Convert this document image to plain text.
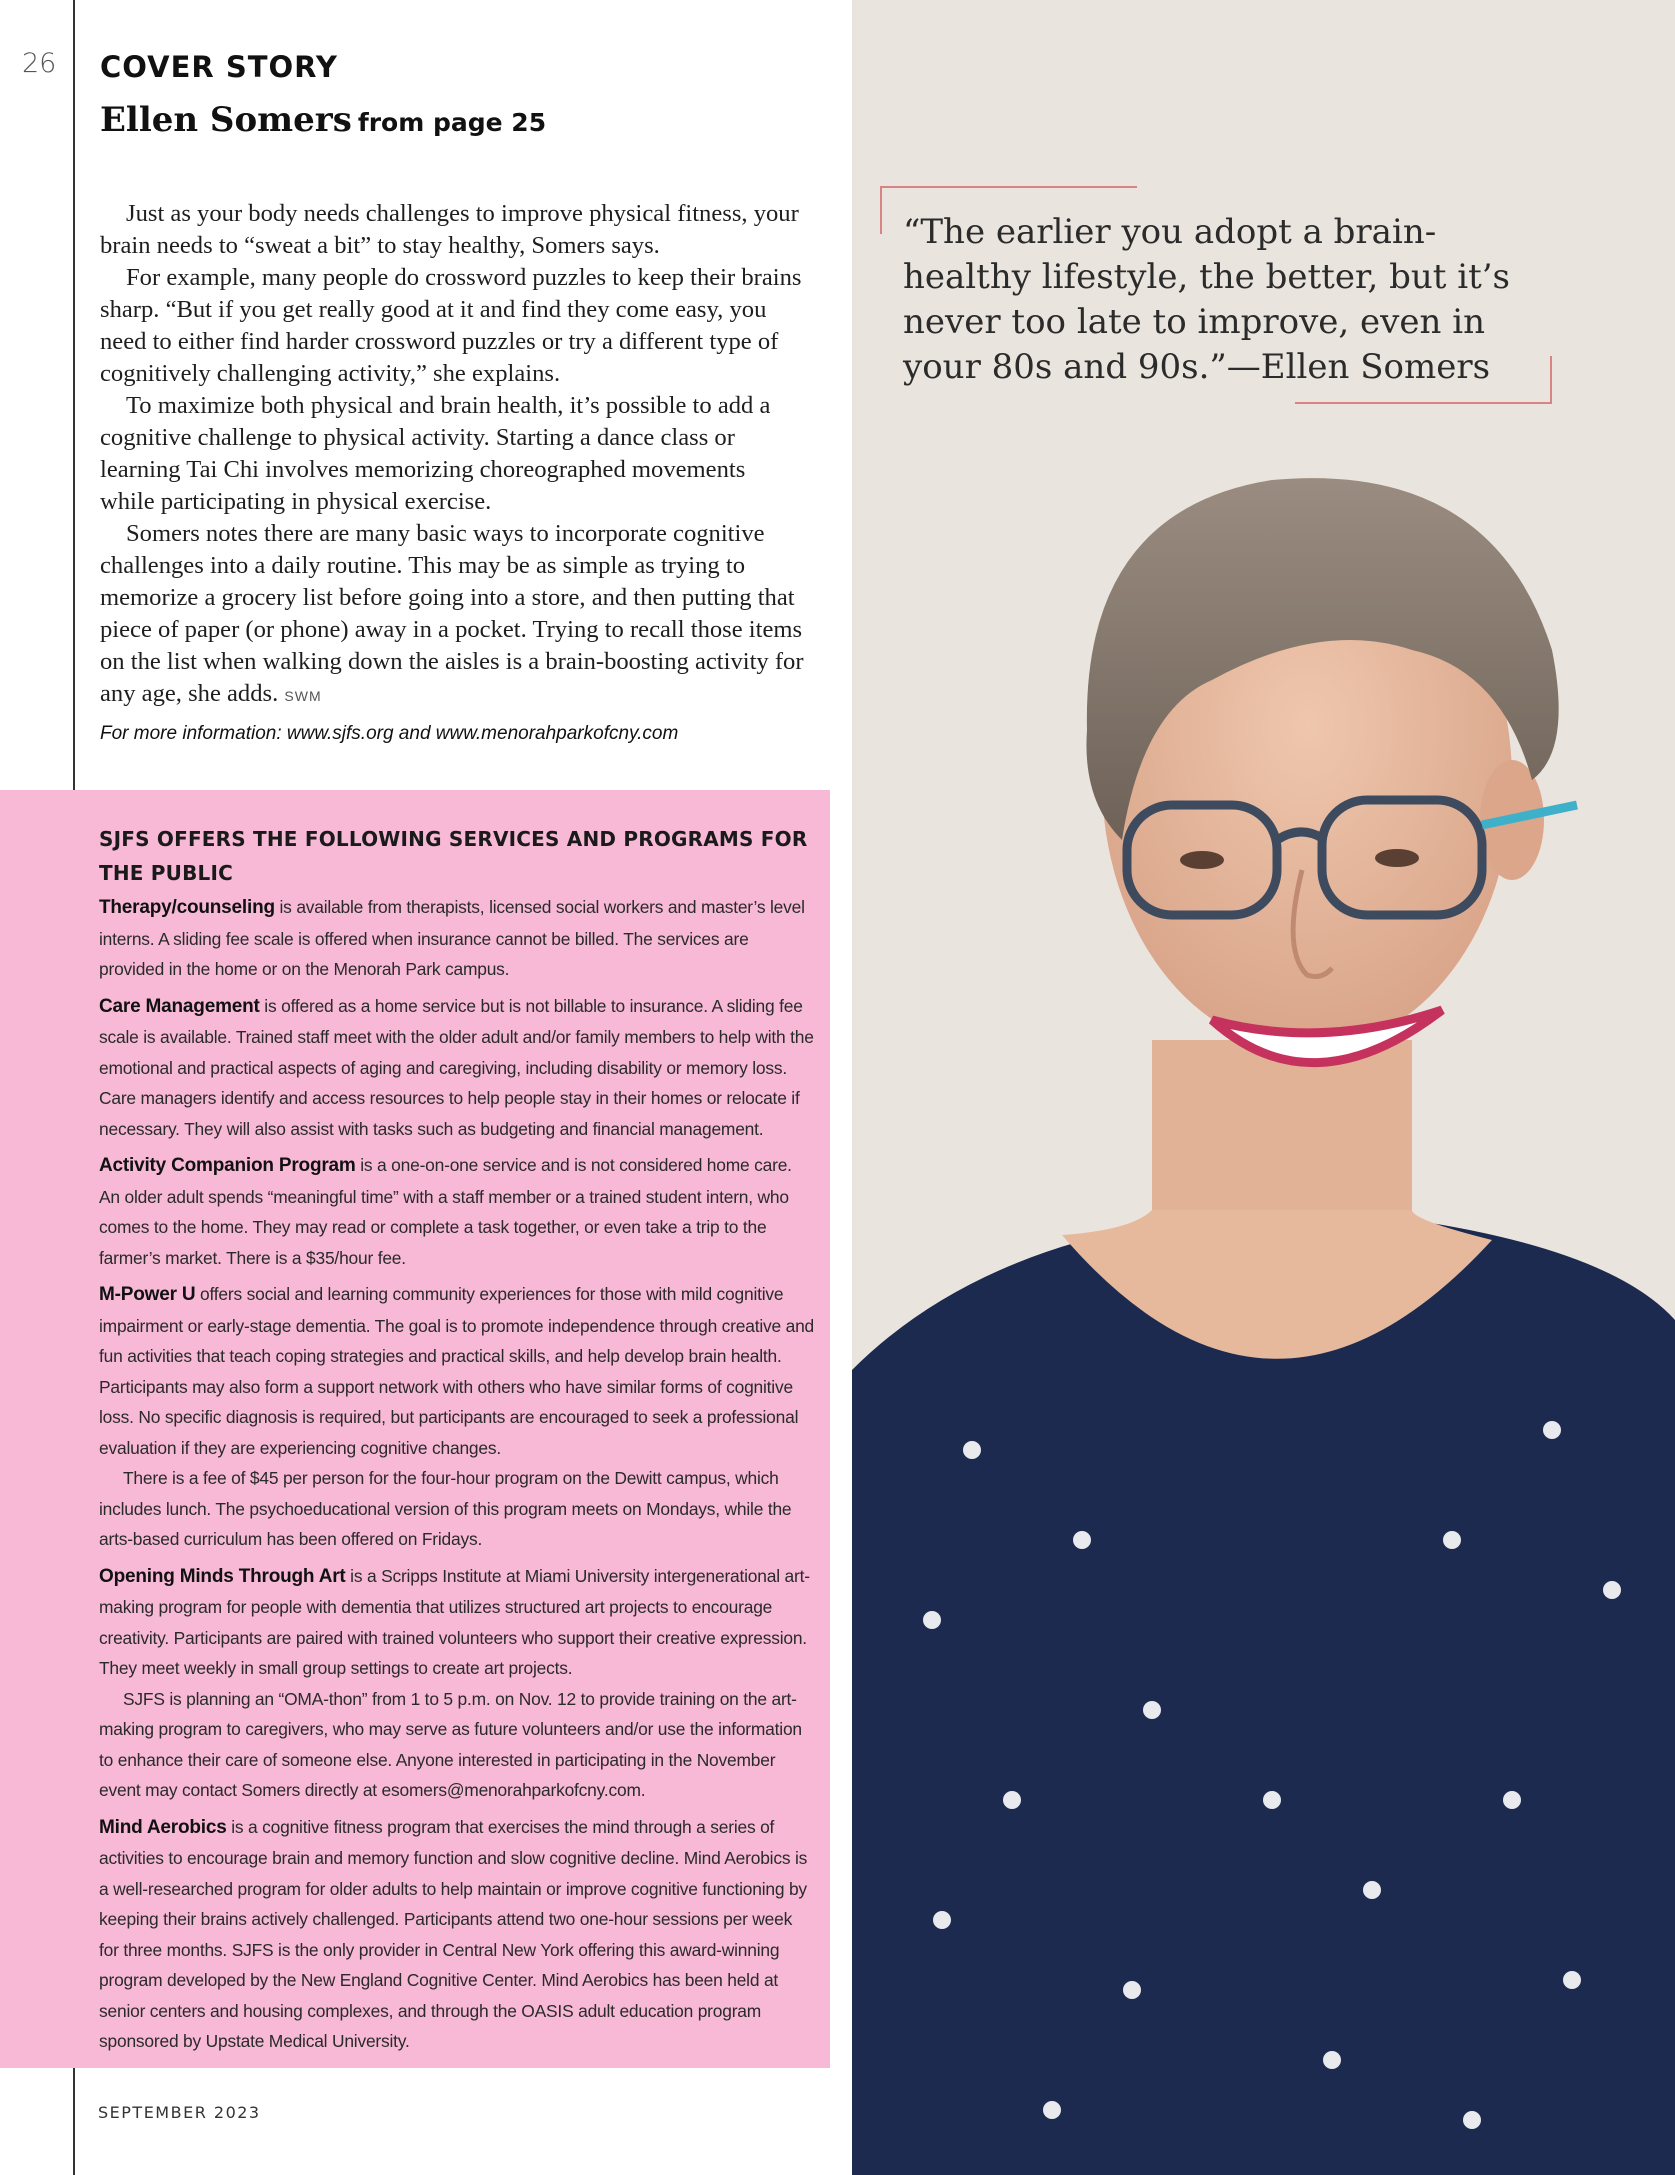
26 COVER STORY
Ellen Somers from page 25

Just as your body needs challenges to improve physical fitness, your brain needs to “sweat a bit” to stay healthy, Somers says.

For example, many people do crossword puzzles to keep their brains sharp. “But if you get really good at it and find they come easy, you need to either find harder crossword puzzles or try a different type of cognitively challenging activity,” she explains.

To maximize both physical and brain health, it’s possible to add a cognitive challenge to physical activity. Starting a dance class or learning Tai Chi involves memorizing choreographed movements while participating in physical exercise.

Somers notes there are many basic ways to incorporate cognitive challenges into a daily routine. This may be as simple as trying to memorize a grocery list before going into a store, and then putting that piece of paper (or phone) away in a pocket. Trying to recall those items on the list when walking down the aisles is a brain-boosting activity for any age, she adds. SWM

For more information: www.sjfs.org and www.menorahparkofcny.com
SJFS OFFERS THE FOLLOWING SERVICES AND PROGRAMS FOR THE PUBLIC

Therapy/counseling is available from therapists, licensed social workers and master’s level interns. A sliding fee scale is offered when insurance cannot be billed. The services are provided in the home or on the Menorah Park campus.

Care Management is offered as a home service but is not billable to insurance. A sliding fee scale is available. Trained staff meet with the older adult and/or family members to help with the emotional and practical aspects of aging and caregiving, including disability or memory loss. Care managers identify and access resources to help people stay in their homes or relocate if necessary. They will also assist with tasks such as budgeting and financial management.

Activity Companion Program is a one-on-one service and is not considered home care. An older adult spends “meaningful time” with a staff member or a trained student intern, who comes to the home. They may read or complete a task together, or even take a trip to the farmer’s market. There is a $35/hour fee.

M-Power U offers social and learning community experiences for those with mild cognitive impairment or early-stage dementia. The goal is to promote independence through creative and fun activities that teach coping strategies and practical skills, and help develop brain health. Participants may also form a support network with others who have similar forms of cognitive loss. No specific diagnosis is required, but participants are encouraged to seek a professional evaluation if they are experiencing cognitive changes.

There is a fee of $45 per person for the four-hour program on the Dewitt campus, which includes lunch. The psychoeducational version of this program meets on Mondays, while the arts-based curriculum has been offered on Fridays.

Opening Minds Through Art is a Scripps Institute at Miami University intergenerational art-making program for people with dementia that utilizes structured art projects to encourage creativity. Participants are paired with trained volunteers who support their creative expression. They meet weekly in small group settings to create art projects.

SJFS is planning an “OMA-thon” from 1 to 5 p.m. on Nov. 12 to provide training on the art-making program to caregivers, who may serve as future volunteers and/or use the information to enhance their care of someone else. Anyone interested in participating in the November event may contact Somers directly at esomers@menorahparkofcny.com.

Mind Aerobics is a cognitive fitness program that exercises the mind through a series of activities to encourage brain and memory function and slow cognitive decline. Mind Aerobics is a well-researched program for older adults to help maintain or improve cognitive functioning by keeping their brains actively challenged. Participants attend two one-hour sessions per week for three months. SJFS is the only provider in Central New York offering this award-winning program developed by the New England Cognitive Center. Mind Aerobics has been held at senior centers and housing complexes, and through the OASIS adult education program sponsored by Upstate Medical University.

SEPTEMBER 2023
“The earlier you adopt a brain-healthy lifestyle, the better, but it’s never too late to improve, even in your 80s and 90s.”—Ellen Somers
